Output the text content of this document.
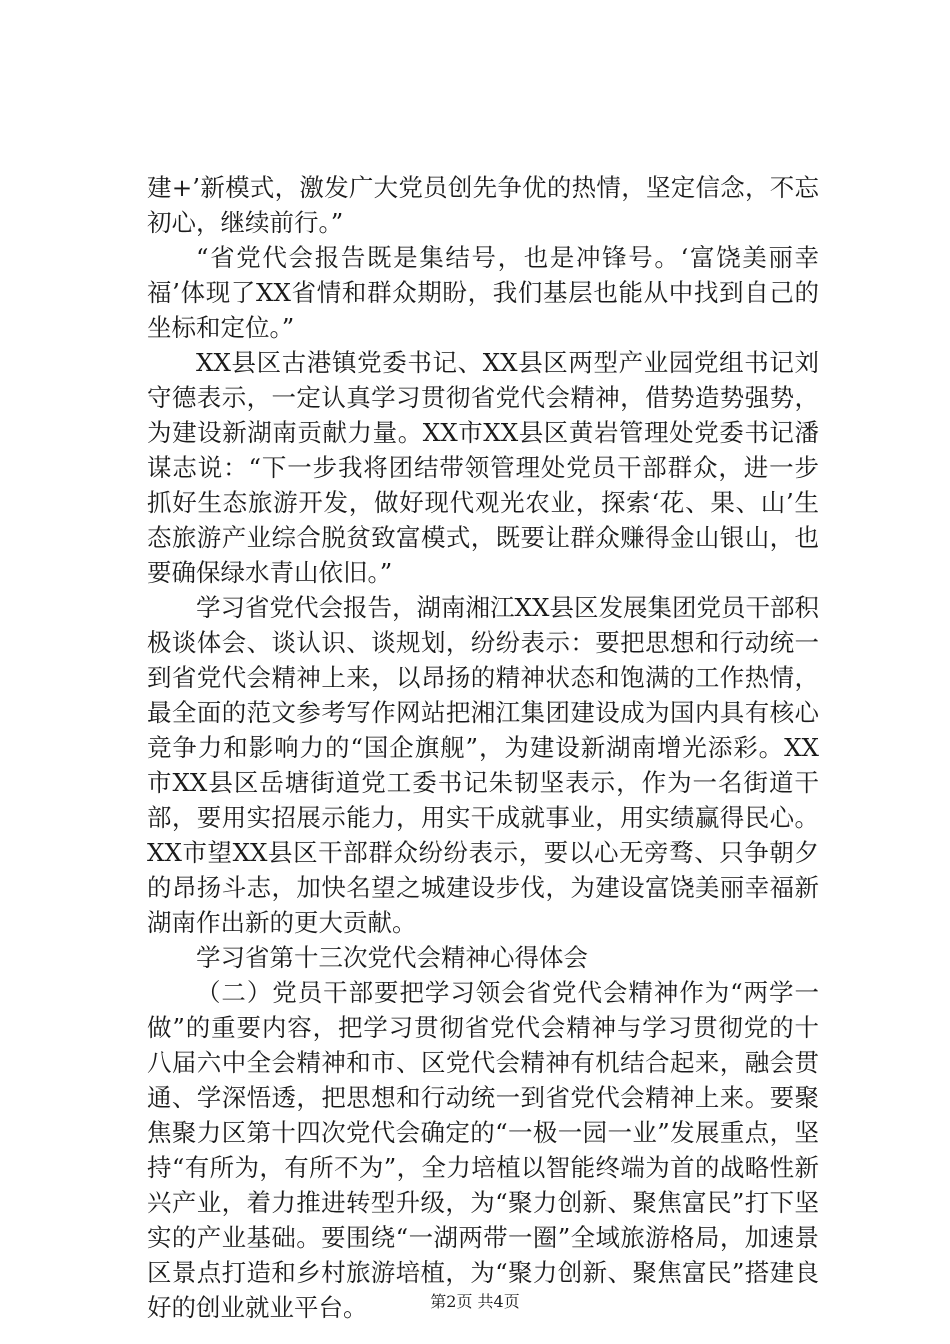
建+’新模式，激发广大党员创先争优的热情，坚定信念，不忘初心，继续前行。”

“省党代会报告既是集结号，也是冲锋号。‘富饶美丽幸福’体现了XX省情和群众期盼，我们基层也能从中找到自己的坐标和定位。”

XX县区古港镇党委书记、XX县区两型产业园党组书记刘守德表示，一定认真学习贯彻省党代会精神，借势造势强势，为建设新湖南贡献力量。XX市XX县区黄岩管理处党委书记潘谋志说：“下一步我将团结带领管理处党员干部群众，进一步抓好生态旅游开发，做好现代观光农业，探索‘花、果、山’生态旅游产业综合脱贫致富模式，既要让群众赚得金山银山，也要确保绿水青山依旧。”

学习省党代会报告，湖南湘江XX县区发展集团党员干部积极谈体会、谈认识、谈规划，纷纷表示：要把思想和行动统一到省党代会精神上来，以昂扬的精神状态和饱满的工作热情，最全面的范文参考写作网站把湘江集团建设成为国内具有核心竞争力和影响力的“国企旗舰”，为建设新湖南增光添彩。XX市XX县区岳塘街道党工委书记朱韧坚表示，作为一名街道干部，要用实招展示能力，用实干成就事业，用实绩赢得民心。XX市望XX县区干部群众纷纷表示，要以心无旁骛、只争朝夕的昂扬斗志，加快名望之城建设步伐，为建设富饶美丽幸福新湖南作出新的更大贡献。

学习省第十三次党代会精神心得体会

（二）党员干部要把学习领会省党代会精神作为“两学一做”的重要内容，把学习贯彻省党代会精神与学习贯彻党的十八届六中全会精神和市、区党代会精神有机结合起来，融会贯通、学深悟透，把思想和行动统一到省党代会精神上来。要聚焦聚力区第十四次党代会确定的“一极一园一业”发展重点，坚持“有所为，有所不为”，全力培植以智能终端为首的战略性新兴产业，着力推进转型升级，为“聚力创新、聚焦富民”打下坚实的产业基础。要围绕“一湖两带一圈”全域旅游格局，加速景区景点打造和乡村旅游培植，为“聚力创新、聚焦富民”搭建良好的创业就业平台。	第2页 共4页
